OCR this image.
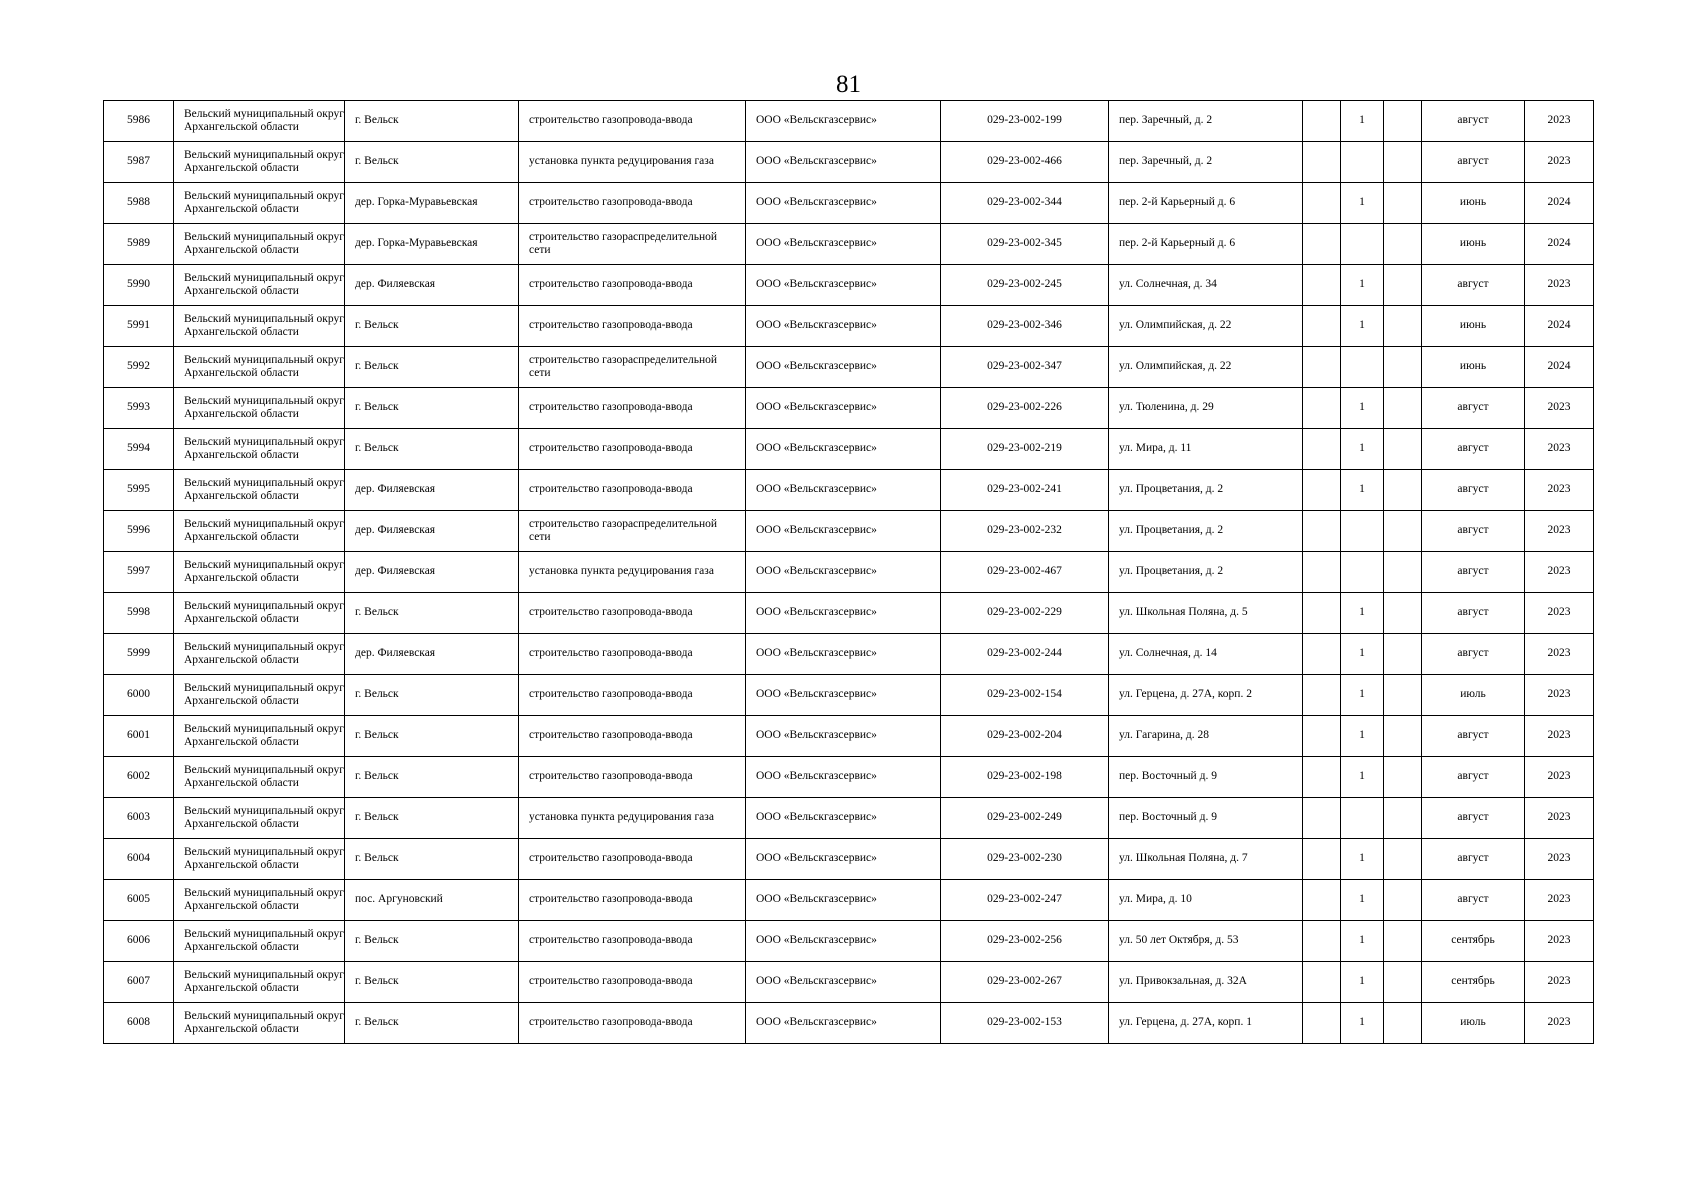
81
5986	Вельский муниципальный округ Архангельской области	г. Вельск	строительство газопровода-ввода	ООО «Вельскгазсервис»	029-23-002-199	пер. Заречный, д. 2		1		август	2023
5987	Вельский муниципальный округ Архангельской области	г. Вельск	установка пункта редуцирования газа	ООО «Вельскгазсервис»	029-23-002-466	пер. Заречный, д. 2				август	2023
5988	Вельский муниципальный округ Архангельской области	дер. Горка-Муравьевская	строительство газопровода-ввода	ООО «Вельскгазсервис»	029-23-002-344	пер. 2-й Карьерный д. 6		1		июнь	2024
5989	Вельский муниципальный округ Архангельской области	дер. Горка-Муравьевская	строительство газораспределительной сети	ООО «Вельскгазсервис»	029-23-002-345	пер. 2-й Карьерный д. 6				июнь	2024
5990	Вельский муниципальный округ Архангельской области	дер. Филяевская	строительство газопровода-ввода	ООО «Вельскгазсервис»	029-23-002-245	ул. Солнечная, д. 34		1		август	2023
5991	Вельский муниципальный округ Архангельской области	г. Вельск	строительство газопровода-ввода	ООО «Вельскгазсервис»	029-23-002-346	ул. Олимпийская, д. 22		1		июнь	2024
5992	Вельский муниципальный округ Архангельской области	г. Вельск	строительство газораспределительной сети	ООО «Вельскгазсервис»	029-23-002-347	ул. Олимпийская, д. 22				июнь	2024
5993	Вельский муниципальный округ Архангельской области	г. Вельск	строительство газопровода-ввода	ООО «Вельскгазсервис»	029-23-002-226	ул. Тюленина, д. 29		1		август	2023
5994	Вельский муниципальный округ Архангельской области	г. Вельск	строительство газопровода-ввода	ООО «Вельскгазсервис»	029-23-002-219	ул. Мира, д. 11		1		август	2023
5995	Вельский муниципальный округ Архангельской области	дер. Филяевская	строительство газопровода-ввода	ООО «Вельскгазсервис»	029-23-002-241	ул. Процветания, д. 2		1		август	2023
5996	Вельский муниципальный округ Архангельской области	дер. Филяевская	строительство газораспределительной сети	ООО «Вельскгазсервис»	029-23-002-232	ул. Процветания, д. 2				август	2023
5997	Вельский муниципальный округ Архангельской области	дер. Филяевская	установка пункта редуцирования газа	ООО «Вельскгазсервис»	029-23-002-467	ул. Процветания, д. 2				август	2023
5998	Вельский муниципальный округ Архангельской области	г. Вельск	строительство газопровода-ввода	ООО «Вельскгазсервис»	029-23-002-229	ул. Школьная Поляна, д. 5		1		август	2023
5999	Вельский муниципальный округ Архангельской области	дер. Филяевская	строительство газопровода-ввода	ООО «Вельскгазсервис»	029-23-002-244	ул. Солнечная, д. 14		1		август	2023
6000	Вельский муниципальный округ Архангельской области	г. Вельск	строительство газопровода-ввода	ООО «Вельскгазсервис»	029-23-002-154	ул. Герцена, д. 27А, корп. 2		1		июль	2023
6001	Вельский муниципальный округ Архангельской области	г. Вельск	строительство газопровода-ввода	ООО «Вельскгазсервис»	029-23-002-204	ул. Гагарина, д. 28		1		август	2023
6002	Вельский муниципальный округ Архангельской области	г. Вельск	строительство газопровода-ввода	ООО «Вельскгазсервис»	029-23-002-198	пер. Восточный д. 9		1		август	2023
6003	Вельский муниципальный округ Архангельской области	г. Вельск	установка пункта редуцирования газа	ООО «Вельскгазсервис»	029-23-002-249	пер. Восточный д. 9				август	2023
6004	Вельский муниципальный округ Архангельской области	г. Вельск	строительство газопровода-ввода	ООО «Вельскгазсервис»	029-23-002-230	ул. Школьная Поляна, д. 7		1		август	2023
6005	Вельский муниципальный округ Архангельской области	пос. Аргуновский	строительство газопровода-ввода	ООО «Вельскгазсервис»	029-23-002-247	ул. Мира, д. 10		1		август	2023
6006	Вельский муниципальный округ Архангельской области	г. Вельск	строительство газопровода-ввода	ООО «Вельскгазсервис»	029-23-002-256	ул. 50 лет Октября, д. 53		1		сентябрь	2023
6007	Вельский муниципальный округ Архангельской области	г. Вельск	строительство газопровода-ввода	ООО «Вельскгазсервис»	029-23-002-267	ул. Привокзальная, д. 32А		1		сентябрь	2023
6008	Вельский муниципальный округ Архангельской области	г. Вельск	строительство газопровода-ввода	ООО «Вельскгазсервис»	029-23-002-153	ул. Герцена, д. 27А, корп. 1		1		июль	2023
